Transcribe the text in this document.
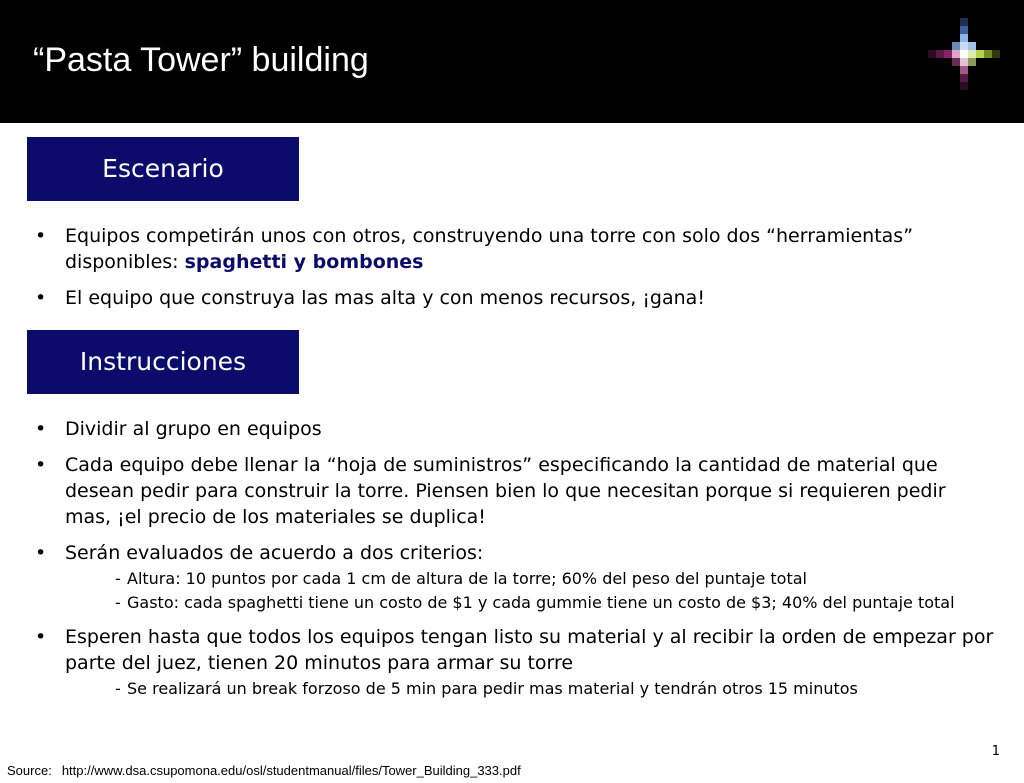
“Pasta Tower” building
Escenario
• Equipos competirán unos con otros, construyendo una torre con solo dos “herramientas” disponibles: spaghetti y bombones
• El equipo que construya las mas alta y con menos recursos, ¡gana!
Instrucciones
• Dividir al grupo en equipos
• Cada equipo debe llenar la “hoja de suministros” especificando la cantidad de material que desean pedir para construir la torre. Piensen bien lo que necesitan porque si requieren pedir mas, ¡el precio de los materiales se duplica!
• Serán evaluados de acuerdo a dos criterios:
- Altura: 10 puntos por cada 1 cm de altura de la torre; 60% del peso del puntaje total
- Gasto: cada spaghetti tiene un costo de $1 y cada gummie tiene un costo de $3; 40% del puntaje total
• Esperen hasta que todos los equipos tengan listo su material y al recibir la orden de empezar por parte del juez, tienen 20 minutos para armar su torre
- Se realizará un break forzoso de 5 min para pedir mas material y tendrán otros 15 minutos
1
Source: http://www.dsa.csupomona.edu/osl/studentmanual/files/Tower_Building_333.pdf
